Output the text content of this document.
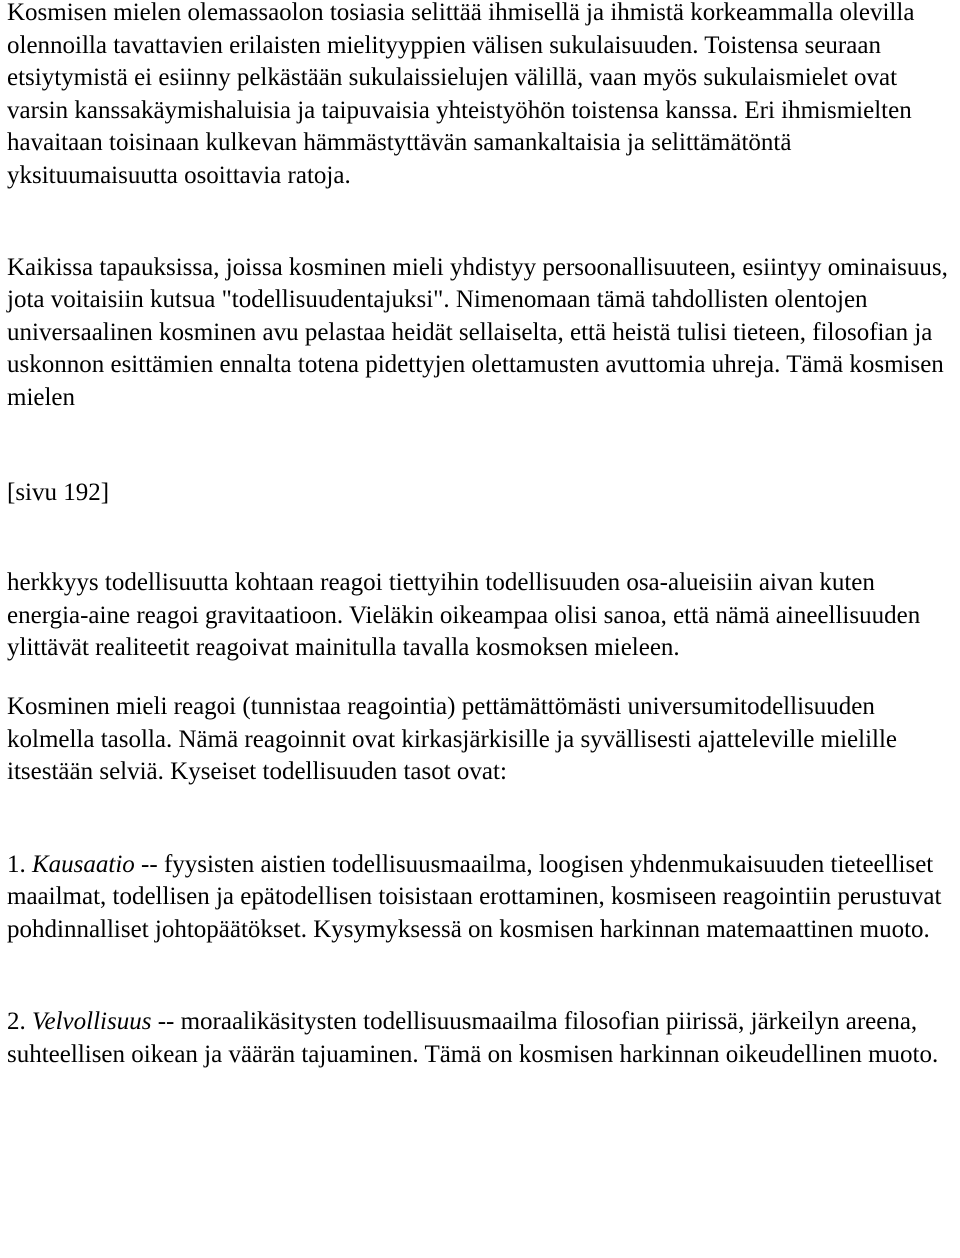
Kosmisen mielen olemassaolon tosiasia selittää ihmisellä ja ihmistä korkeammalla olevilla olennoilla tavattavien erilaisten mielityyppien välisen sukulaisuuden. Toistensa seuraan etsiytymistä ei esiinny pelkästään sukulaissielujen välillä, vaan myös sukulaismielet ovat varsin kanssakäymishaluisia ja taipuvaisia yhteistyöhön toistensa kanssa. Eri ihmismielten havaitaan toisinaan kulkevan hämmästyttävän samankaltaisia ja selittämätöntä yksituumaisuutta osoittavia ratoja.

Kaikissa tapauksissa, joissa kosminen mieli yhdistyy persoonallisuuteen, esiintyy ominaisuus, jota voitaisiin kutsua "todellisuudentajuksi". Nimenomaan tämä tahdollisten olentojen universaalinen kosminen avu pelastaa heidät sellaiselta, että heistä tulisi tieteen, filosofian ja uskonnon esittämien ennalta totena pidettyjen olettamusten avuttomia uhreja. Tämä kosmisen mielen

[sivu 192]

herkkyys todellisuutta kohtaan reagoi tiettyihin todellisuuden osa-alueisiin aivan kuten energia-aine reagoi gravitaatioon. Vieläkin oikeampaa olisi sanoa, että nämä aineellisuuden ylittävät realiteetit reagoivat mainitulla tavalla kosmoksen mieleen.

Kosminen mieli reagoi (tunnistaa reagointia) pettämättömästi universumitodellisuuden kolmella tasolla. Nämä reagoinnit ovat kirkasjärkisille ja syvällisesti ajatteleville mielille itsestään selviä. Kyseiset todellisuuden tasot ovat:

1. Kausaatio -- fyysisten aistien todellisuusmaailma, loogisen yhdenmukaisuuden tieteelliset maailmat, todellisen ja epätodellisen toisistaan erottaminen, kosmiseen reagointiin perustuvat pohdinnalliset johtopäätökset. Kysymyksessä on kosmisen harkinnan matemaattinen muoto.

2. Velvollisuus -- moraalikäsitysten todellisuusmaailma filosofian piirissä, järkeilyn areena, suhteellisen oikean ja väärän tajuaminen. Tämä on kosmisen harkinnan oikeudellinen muoto.
